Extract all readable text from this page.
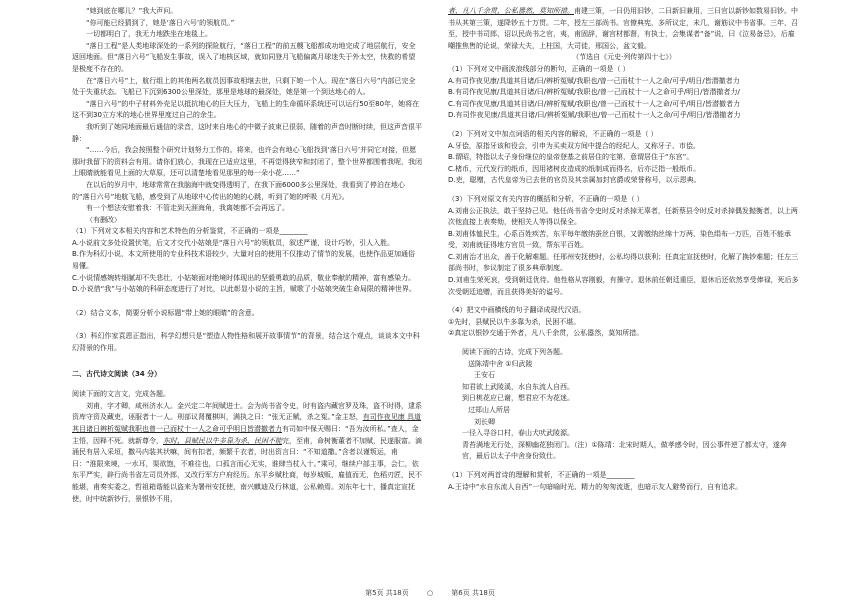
“她到底在哪儿？”我大声问。

“你可能已经猜到了，她是‘落日六号’的领航员。”

一切都明白了，我无力地跌坐在地毯上。

“落日工程”是人类地球深处的一系列的探险航行，“落日工程”的前五艘飞船都成功地完成了地层航行，安全返回地面。但“落日六号”飞船发生事故，误入了地核区域，就如同登月飞船偏离月球迷失于外太空，快救的希望是极度不存在的。

在“落日六号”上，航行组上的其他两名航员因事故相继去世，只剩下她一个人。现在“落日六号”内部已完全处于失重状态。飞船已下沉到6300公里深处，那里是地球的最深处，她是第一个到达地心的人。

“落日六号”的中子材料外壳足以抵抗地心的巨大压力，飞船上的生命循环系统还可以运行50至80年，她将在这不到30立方米的地心世界里度过自己的余生。

我听到了她同地面最后通信的录音，这时来自地心的中微子波束已很弱，随着的声音时断时续，但这声音很平静：

“……今后，我会按照整个研究计划努力工作的。将来，也许会有地心飞船找到‘落日六号’并同它对接，但愿那时我留下的资料会有用。请你们放心，我现在已适应这里，不再觉得狭窄和封闭了，整个世界都围着我呢，我闭上眼睛就能看见上面的大草原，还可以清楚地看见那里的每一朵小花……”

在以后的岁月中，地球常常在我脑海中就变得透明了，在我下面6000多公里深处，我看到了停泊在地心的“落日六号”地航飞船，感受到了从地球中心传出的她的心跳，听到了她的呼吸《月光》。

有一个想法安慰着我：不管走到天涯海角，我离她都不会再远了。

（有删改）

（1）下列对文本相关内容和艺术特色的分析鉴赏，不正确的一项是________

A.小说前文多处设置伏笔，后文才交代小姑娘是“落日六号”的领航员，叙述严谨，设计巧妙，引人入胜。

B.作为科幻小说，本文所使用的专业科技术语较少，大量对自的使用不仅推动了情节的发展，也使作品更加通俗易懂。

C.小说情感婉转细腻却不失悲壮，小姑娘面对绝境时体现出的坚毅勇敢的品质，敬业奉献的精神，富有感染力。

D.小说借“我”与小姑娘的科研态度进行了对比，以此彰显小说的主旨，赋歌了小姑娘突破生命局限的精神世界。

（2）结合文本，简要分析小说标题“带上她的眼睛”的含意。

（3）科幻作家袁恩正指出，科学幻想只是“塑造人物性格和展开故事情节”的背景，结合这个观点，谈谈本文中科幻背景的作用。

二、古代诗文阅读（34 分）

阅读下面的文言文，完成各题。

刘甫，字才卿，咸州济水人。金兴定二年间赋进士。会为尚书省令史，时有盗内藏官罗及珠，盗不时得，逮系资库守资及藏吏，诬服者十一人。刑部议肾覆棋叫，满执之曰：“张无正赋，杀之冤。”金主怒，有司作夜见康 具道其目诸日辨析冤赋我职也曾一己而杖十一人之命可乎明日皆潜撤者力有司如中保天赐曰：“吾为汝所私。”查人，金主悟，因释不死。就新尊令，东时，县赋民以牛多靠为杀，民困不能完，至甫，命树衡董者不加赋，民遂服富。滴涌民有居入采垣，撒马内装其状嘛，间有扣者，频繁千衣者，时出资言曰：“不知道撒。”含者以谨叛运，甫曰：“淮限来境，一水耳，渠欲饱，不难往也，口孤言而心无实，谁肆当杖入十。”乘可，继续户部主事，会仁，依东平严实，辟行尚书省左司员外郎，又改行军方户府经历。东平乡赋杜商，每岁城贩，雇值而无，色稻刃匠，民不能堪，甫奏实委之，哲祖箱谐能以盗来为署州安抚使，南兴麒迪及行林道，公私赖焉。刘东年七十，播真定宣抚使，时中统新钞行，景银钞不用，

者，凡八千余贯，公私嚣然，莫知所措。甫建三策，一曰仍用旧钞，二曰新旧兼用，三曰官以新钞如数易旧钞。中书从其第三策，遂降钞五十万贯。二年，授左三部尚书。官僚典宪，多所议定，未几，谢筋议中书省事。三年，召至，授中书司郎，诏以民尚书之官，夷，甫固辞，谢宫材都督，有执士，会集谋者“备”说，曰《泣易备忌》，后雇嘲推焦售的论说，荣禄大夫，上柱国，大司徒，邢国公，盆文毅。

（节选自《元史·列传第四十七》）

（1）下列对文中画波浪线部分的断句，正确的一项是（ ）

A.有司作夜见康/具道其目诸/曰/辨析冤赋/我职也/曾一己而杖十一人之命/可乎/明日/皆潜撤者力

B.有司作夜见康/具道其目诸/曰/辨析冤赋/我职也/曾一己而杖十一人之命可乎/明日/皆潜撤者力/

C.有司作夜见康/具道其目诸/曰/辨析冤赋/我职也/曾一己而杖十一人之命/可乎/明日/皆潜撤者力

D.有司作夜见康/具道其目诸/曰/辨析冤赋/我职也/曾一己而杖十一人之命/可乎/明日/皆潜撤者力

（2）下列对文中加点词语的相关内容的解说，不正确的一项是（ ）

A.牙侩，原指牙该和役会，引申为买卖双方间中提合的经纪人，又称牙子、市侩。

B.谓昭，特指以太子身份继位的皇帝登基之前居住的宅第，意谓居住于“东宫”。

C.楮币，元代发行的纸币，因用褚树皮造成的纸制成而得名，后亦泛指一般纸币。

D.吏，聪赠，古代皇帝为已去世的官员及其亲属加封官爵或荣誉称号，以示恩典。

（3）下列对原文有关内容的概括和分析，不正确的一项是（ ）

A.刘甫公正执法，敢于坚持己见。他任尚书省令史时反对杀掉无辜者，任新蔡县令时反对杀掉偶发抛衡者，以上两次他直接上表奏劾，使相关人等得以保全。

B.刘甫体恤民生，心系百姓疾苦，东平每年缴纳蚕丝白银，又需缴纳丝绵十万两、染色绢布一万匹，百姓不能承受，刘甫就征得地方官员一致，帮东平百姓。

C.刘甫治才出众，善于化解难题。任邢州安抚使时，公私均得以获利；任真定宣抚使时，化解了换钞难题；任左三部尚书时，参议制定了很多典章制度。

D.刘甫生荣死哀，受到朝廷优待。他性格从容刚毅，有操守。退休前任朝廷重臣，退休后还依然享受俸禄，死后多次受朝廷追赠，而且获得美好的谥号。

（4）把文中画横线的句子翻译成现代汉语。

①先时，县赋民以牛多靠为杀，民困不堪。

②真定以银钞交通于外者，凡八千余贯，公私嚣然，莫知所措。

阅读下面的古诗，完成下列各题。

送陈靖中舍 ①归武陵

王安石

知君欲上武陵溪，水自东流人自西。

到日桃花应已谢，想君应不为花迷。

过郑山人所居

刘长卿

一径入寻谷口村，春山犬吠武陵源。

青苔满地无行处，深柳幽花独闭门。（注）①陈靖：北宋时期人，做孝感令时，因公事件逆了都太守，遂奔官，最后以太子中舍身份致仕。

（1）下列对两首诗的理解和赏析，不正确的一项是________

A.王诗中“水自东流人自西”一句暗喻时光、精力的匆匆流逝，也暗示友人避势而行，自有追求。

第5页 共18页	○	第6页 共18页
